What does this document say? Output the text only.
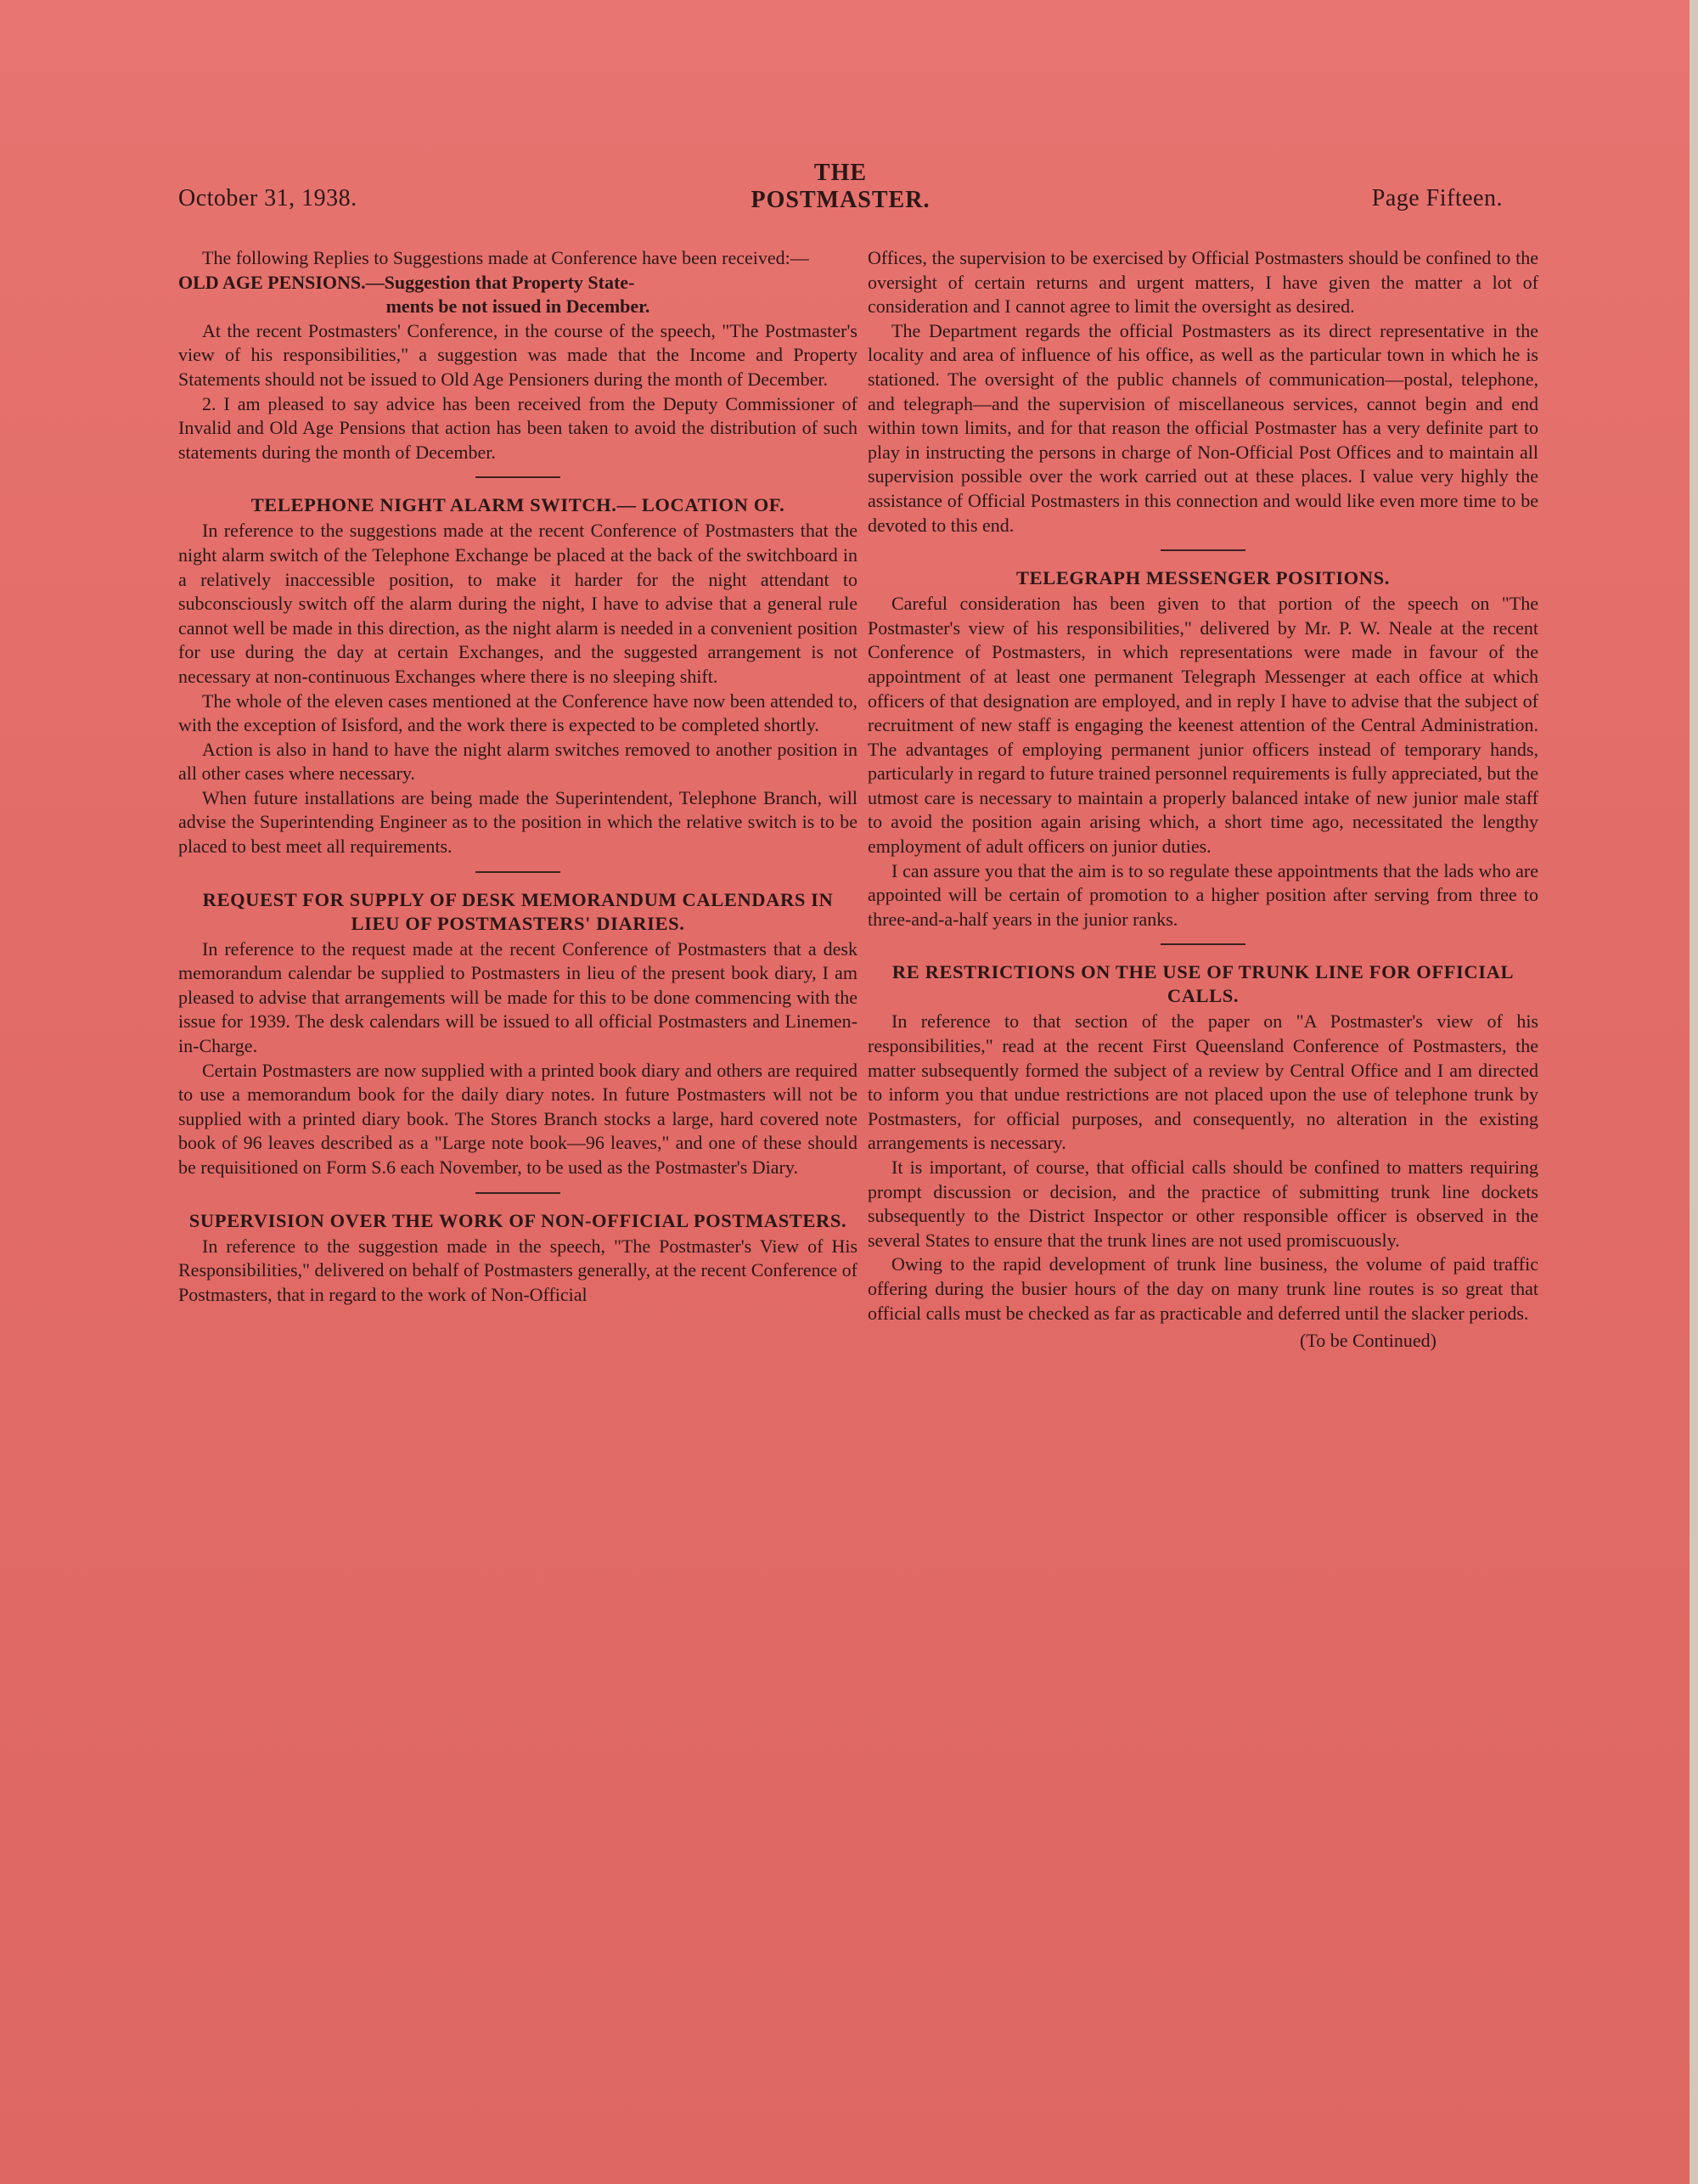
October 31, 1938.
THE
POSTMASTER.	Page Fifteen.

The following Replies to Suggestions made at Conference have been received:—

OLD AGE PENSIONS.—Suggestion that Property State-
ments be not issued in December.

At the recent Postmasters' Conference, in the course of the speech, "The Postmaster's view of his responsibilities," a suggestion was made that the Income and Property Statements should not be issued to Old Age Pensioners during the month of December.

2. I am pleased to say advice has been received from the Deputy Commissioner of Invalid and Old Age Pensions that action has been taken to avoid the distribution of such statements during the month of December.

TELEPHONE NIGHT ALARM SWITCH.— LOCATION OF.

In reference to the suggestions made at the recent Conference of Postmasters that the night alarm switch of the Telephone Exchange be placed at the back of the switchboard in a relatively inaccessible position, to make it harder for the night attendant to subconsciously switch off the alarm during the night, I have to advise that a general rule cannot well be made in this direction, as the night alarm is needed in a convenient position for use during the day at certain Exchanges, and the suggested arrangement is not necessary at non-continuous Exchanges where there is no sleeping shift.

The whole of the eleven cases mentioned at the Conference have now been attended to, with the exception of Isisford, and the work there is expected to be completed shortly.

Action is also in hand to have the night alarm switches removed to another position in all other cases where necessary.

When future installations are being made the Superintendent, Telephone Branch, will advise the Superintending Engineer as to the position in which the relative switch is to be placed to best meet all requirements.

REQUEST FOR SUPPLY OF DESK MEMORANDUM CALENDARS IN LIEU OF POSTMASTERS' DIARIES.

In reference to the request made at the recent Conference of Postmasters that a desk memorandum calendar be supplied to Postmasters in lieu of the present book diary, I am pleased to advise that arrangements will be made for this to be done commencing with the issue for 1939. The desk calendars will be issued to all official Postmasters and Linemen-in-Charge.

Certain Postmasters are now supplied with a printed book diary and others are required to use a memorandum book for the daily diary notes. In future Postmasters will not be supplied with a printed diary book. The Stores Branch stocks a large, hard covered note book of 96 leaves described as a "Large note book—96 leaves," and one of these should be requisitioned on Form S.6 each November, to be used as the Postmaster's Diary.

SUPERVISION OVER THE WORK OF NON-OFFICIAL POSTMASTERS.

In reference to the suggestion made in the speech, "The Postmaster's View of His Responsibilities," delivered on behalf of Postmasters generally, at the recent Conference of Postmasters, that in regard to the work of Non-Official

Offices, the supervision to be exercised by Official Postmasters should be confined to the oversight of certain returns and urgent matters, I have given the matter a lot of consideration and I cannot agree to limit the oversight as desired.

The Department regards the official Postmasters as its direct representative in the locality and area of influence of his office, as well as the particular town in which he is stationed. The oversight of the public channels of communication—postal, telephone, and telegraph—and the supervision of miscellaneous services, cannot begin and end within town limits, and for that reason the official Postmaster has a very definite part to play in instructing the persons in charge of Non-Official Post Offices and to maintain all supervision possible over the work carried out at these places. I value very highly the assistance of Official Postmasters in this connection and would like even more time to be devoted to this end.

TELEGRAPH MESSENGER POSITIONS.

Careful consideration has been given to that portion of the speech on "The Postmaster's view of his responsibilities," delivered by Mr. P. W. Neale at the recent Conference of Postmasters, in which representations were made in favour of the appointment of at least one permanent Telegraph Messenger at each office at which officers of that designation are employed, and in reply I have to advise that the subject of recruitment of new staff is engaging the keenest attention of the Central Administration. The advantages of employing permanent junior officers instead of temporary hands, particularly in regard to future trained personnel requirements is fully appreciated, but the utmost care is necessary to maintain a properly balanced intake of new junior male staff to avoid the position again arising which, a short time ago, necessitated the lengthy employment of adult officers on junior duties.

I can assure you that the aim is to so regulate these appointments that the lads who are appointed will be certain of promotion to a higher position after serving from three to three-and-a-half years in the junior ranks.

RE RESTRICTIONS ON THE USE OF TRUNK LINE FOR OFFICIAL CALLS.

In reference to that section of the paper on "A Postmaster's view of his responsibilities," read at the recent First Queensland Conference of Postmasters, the matter subsequently formed the subject of a review by Central Office and I am directed to inform you that undue restrictions are not placed upon the use of telephone trunk by Postmasters, for official purposes, and consequently, no alteration in the existing arrangements is necessary.

It is important, of course, that official calls should be confined to matters requiring prompt discussion or decision, and the practice of submitting trunk line dockets subsequently to the District Inspector or other responsible officer is observed in the several States to ensure that the trunk lines are not used promiscuously.

Owing to the rapid development of trunk line business, the volume of paid traffic offering during the busier hours of the day on many trunk line routes is so great that official calls must be checked as far as practicable and deferred until the slacker periods.

(To be Continued)
